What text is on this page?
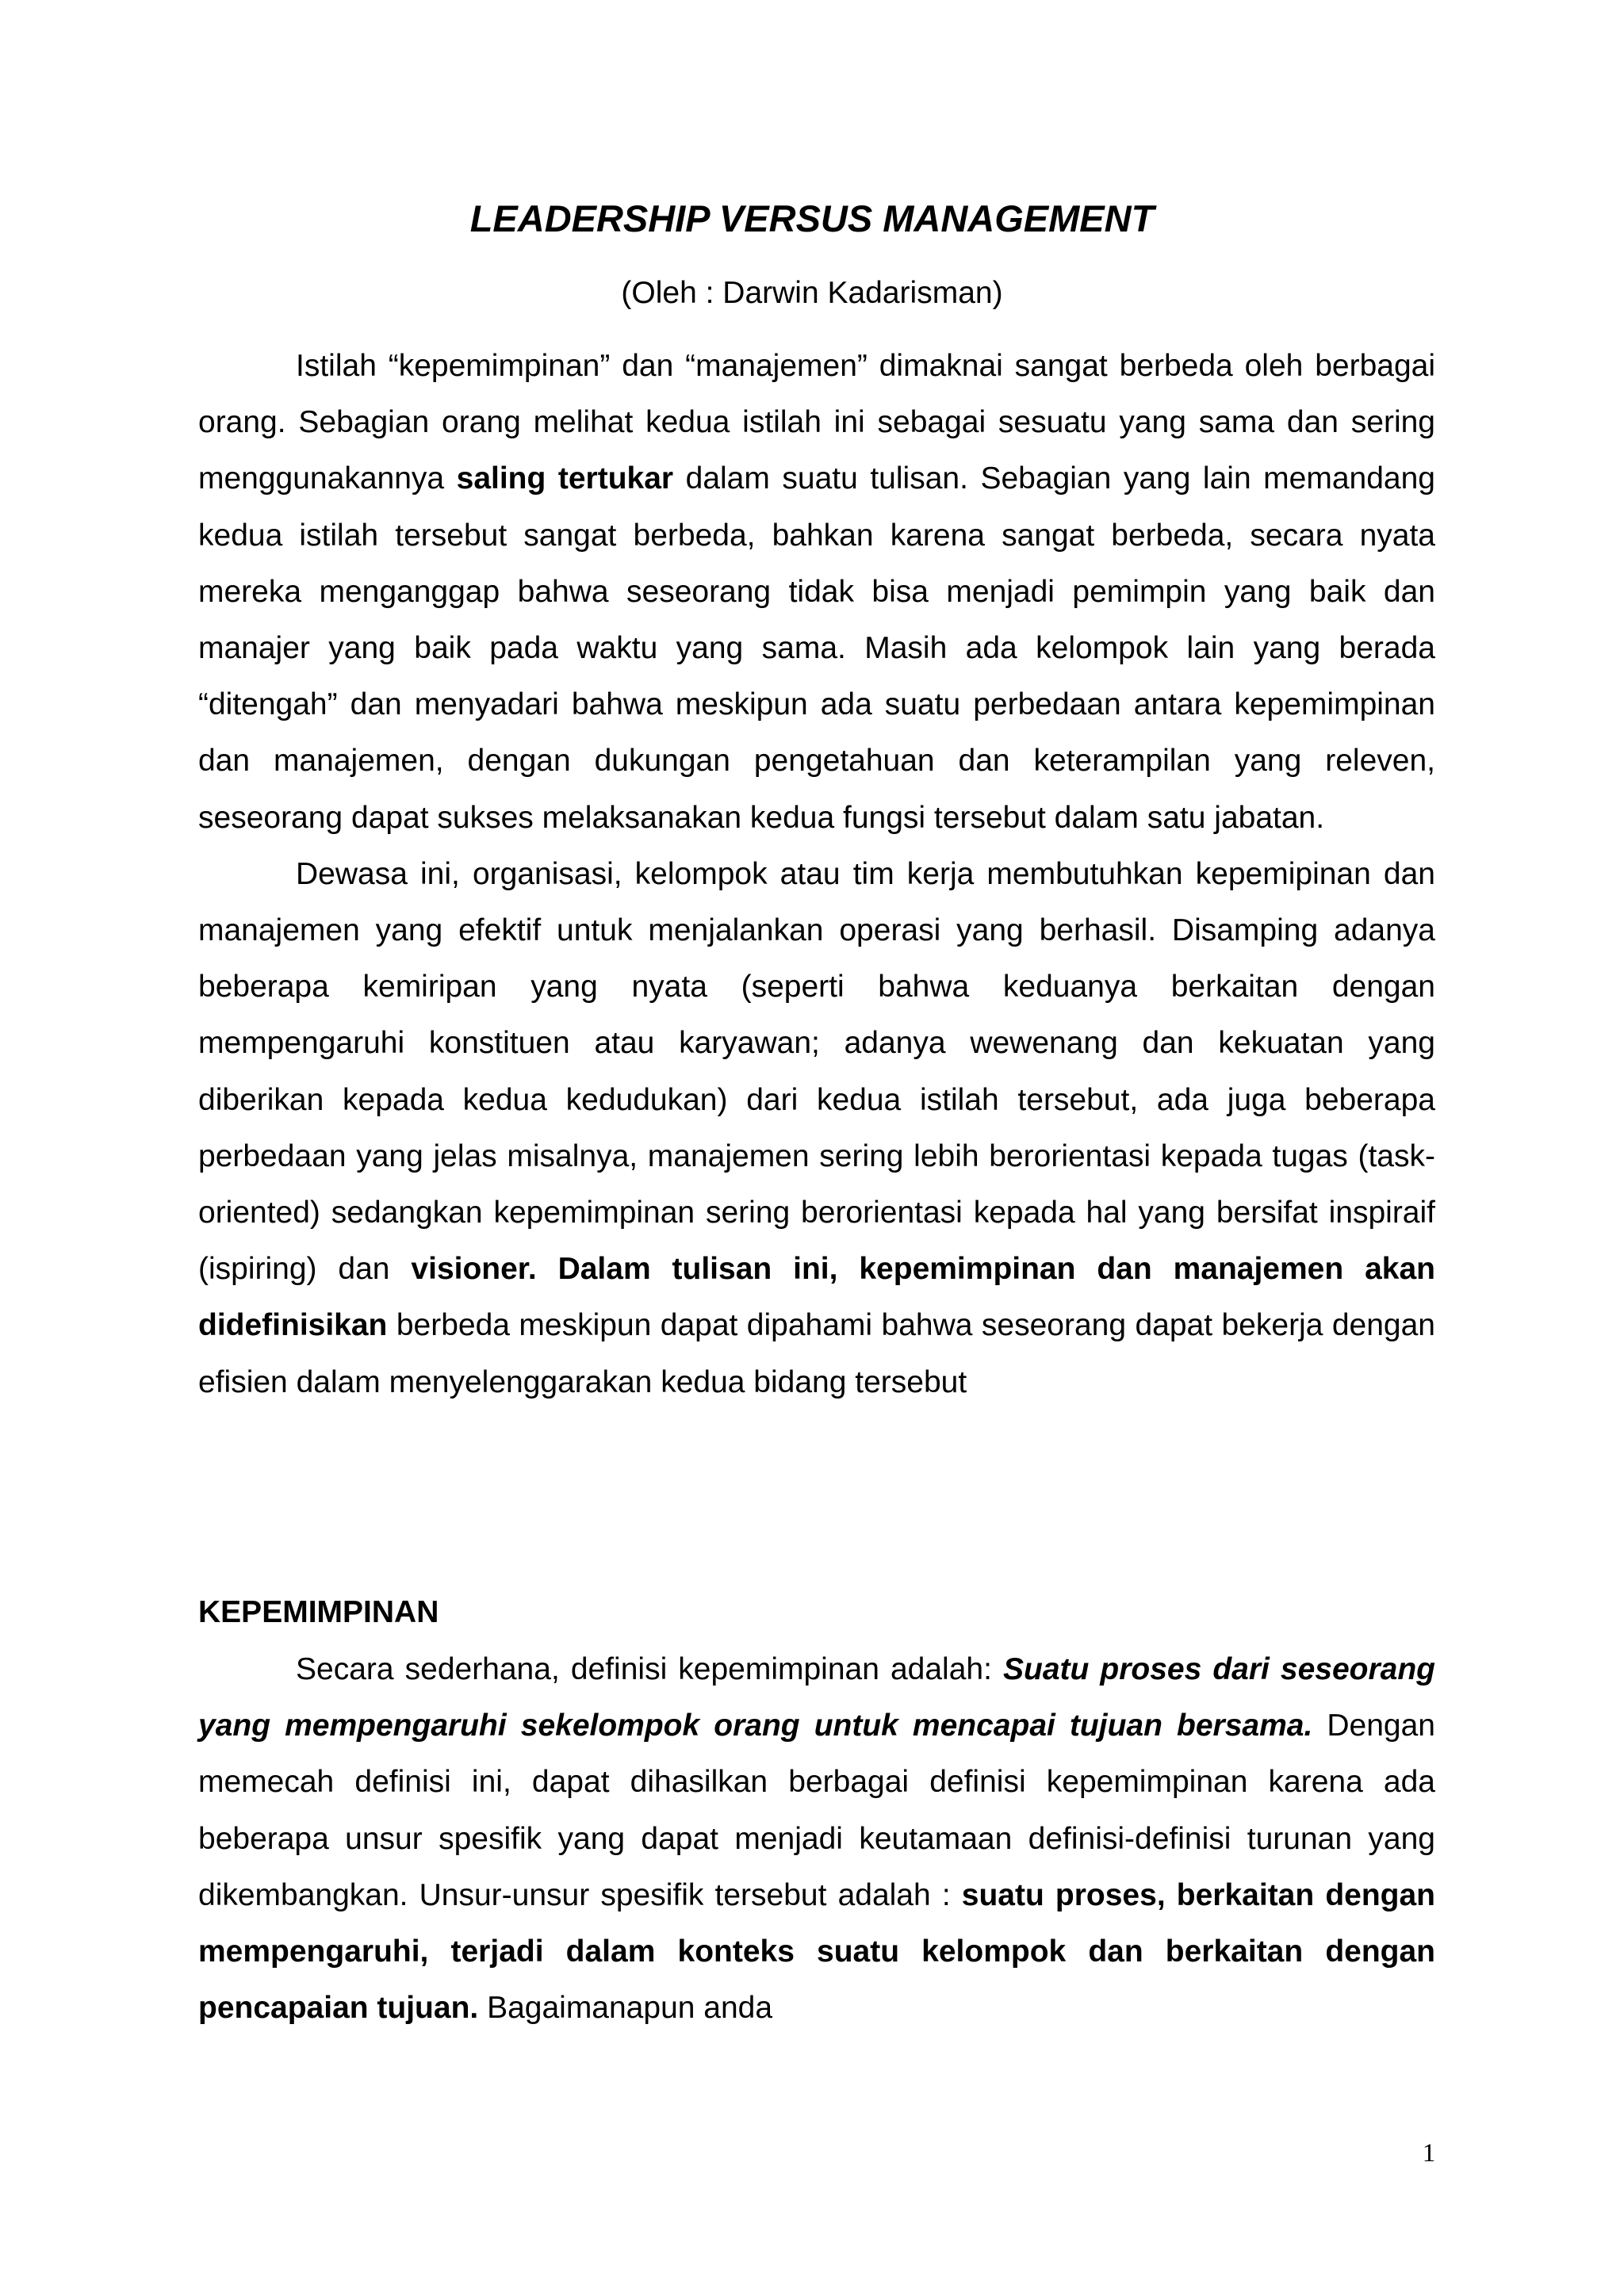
LEADERSHIP VERSUS MANAGEMENT
(Oleh : Darwin Kadarisman)

Istilah “kepemimpinan” dan “manajemen” dimaknai sangat berbeda oleh berbagai orang. Sebagian orang melihat kedua istilah ini sebagai sesuatu yang sama dan sering menggunakannya saling tertukar dalam suatu tulisan. Sebagian yang lain memandang kedua istilah tersebut sangat berbeda, bahkan karena sangat berbeda, secara nyata mereka menganggap bahwa seseorang tidak bisa menjadi pemimpin yang baik dan manajer yang baik pada waktu yang sama. Masih ada kelompok lain yang berada “ditengah” dan menyadari bahwa meskipun ada suatu perbedaan antara kepemimpinan dan manajemen, dengan dukungan pengetahuan dan keterampilan yang releven, seseorang dapat sukses melaksanakan kedua fungsi tersebut dalam satu jabatan.

Dewasa ini, organisasi, kelompok atau tim kerja membutuhkan kepemipinan dan manajemen yang efektif untuk menjalankan operasi yang berhasil. Disamping adanya beberapa kemiripan yang nyata (seperti bahwa keduanya berkaitan dengan mempengaruhi konstituen atau karyawan; adanya wewenang dan kekuatan yang diberikan kepada kedua kedudukan) dari kedua istilah tersebut, ada juga beberapa perbedaan yang jelas misalnya, manajemen sering lebih berorientasi kepada tugas (task-oriented) sedangkan kepemimpinan sering berorientasi kepada hal yang bersifat inspiraif (ispiring) dan visioner. Dalam tulisan ini, kepemimpinan dan manajemen akan didefinisikan berbeda meskipun dapat dipahami bahwa seseorang dapat bekerja dengan efisien dalam menyelenggarakan kedua bidang tersebut

KEPEMIMPINAN

Secara sederhana, definisi kepemimpinan adalah: Suatu proses dari seseorang yang mempengaruhi sekelompok orang untuk mencapai tujuan bersama. Dengan memecah definisi ini, dapat dihasilkan berbagai definisi kepemimpinan karena ada beberapa unsur spesifik yang dapat menjadi keutamaan definisi-definisi turunan yang dikembangkan. Unsur-unsur spesifik tersebut adalah : suatu proses, berkaitan dengan mempengaruhi, terjadi dalam konteks suatu kelompok dan berkaitan dengan pencapaian tujuan. Bagaimanapun anda

1
